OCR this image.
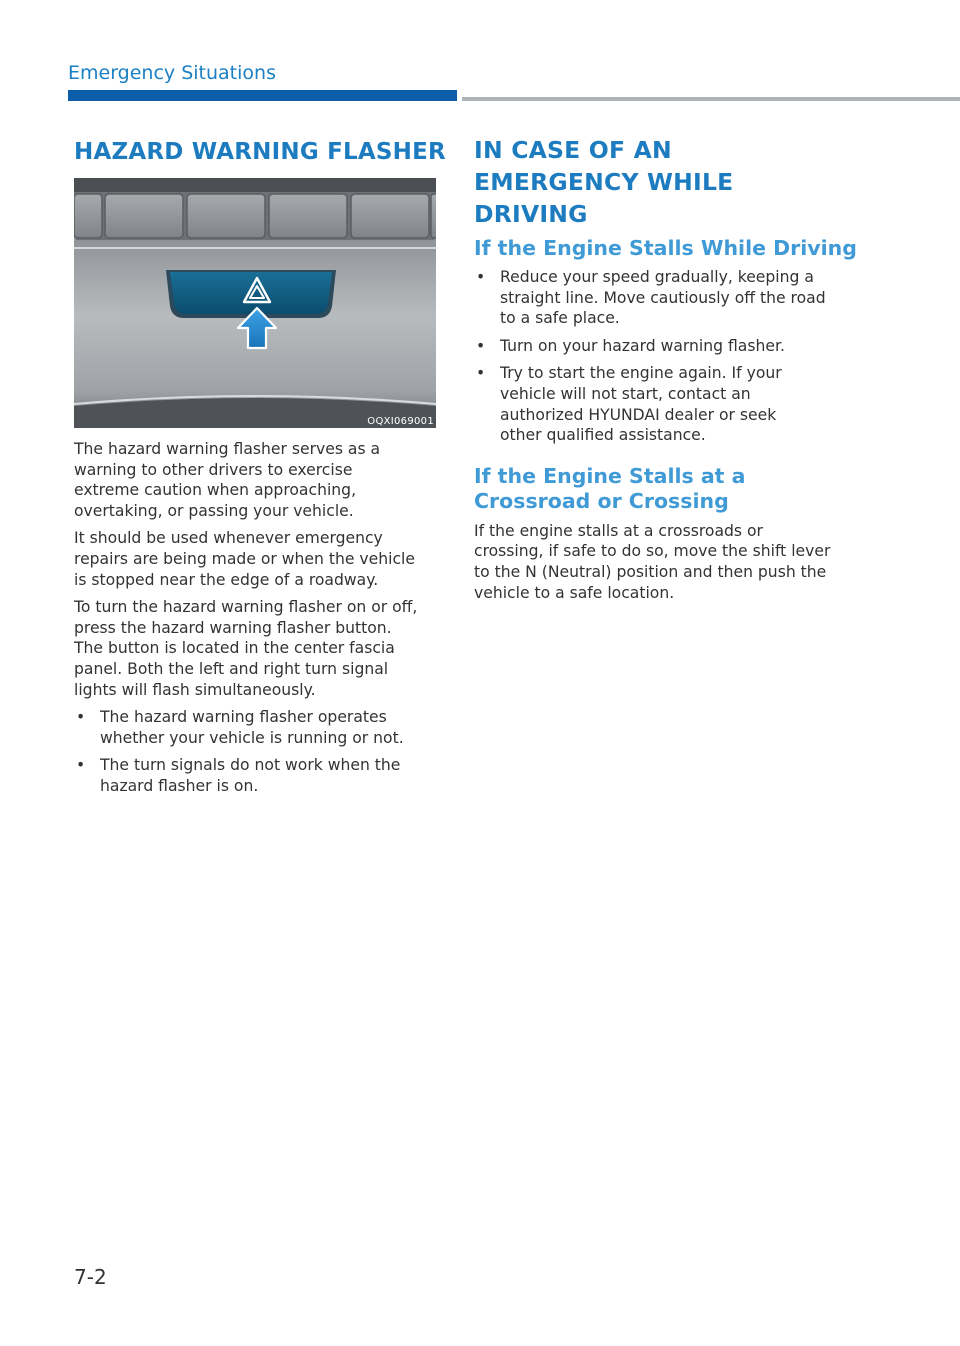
Emergency Situations
HAZARD WARNING FLASHER
OQXI069001

The hazard warning flasher serves as a warning to other drivers to exercise extreme caution when approaching, overtaking, or passing your vehicle.

It should be used whenever emergency repairs are being made or when the vehicle is stopped near the edge of a roadway.

To turn the hazard warning flasher on or off, press the hazard warning flasher button. The button is located in the center fascia panel. Both the left and right turn signal lights will flash simultaneously.

• The hazard warning flasher operates whether your vehicle is running or not.
• The turn signals do not work when the hazard flasher is on.
IN CASE OF AN EMERGENCY WHILE DRIVING
If the Engine Stalls While Driving
• Reduce your speed gradually, keeping a straight line. Move cautiously off the road to a safe place.
• Turn on your hazard warning flasher.
• Try to start the engine again. If your vehicle will not start, contact an authorized HYUNDAI dealer or seek other qualified assistance.
If the Engine Stalls at a Crossroad or Crossing

If the engine stalls at a crossroads or crossing, if safe to do so, move the shift lever to the N (Neutral) position and then push the vehicle to a safe location.

7-2
